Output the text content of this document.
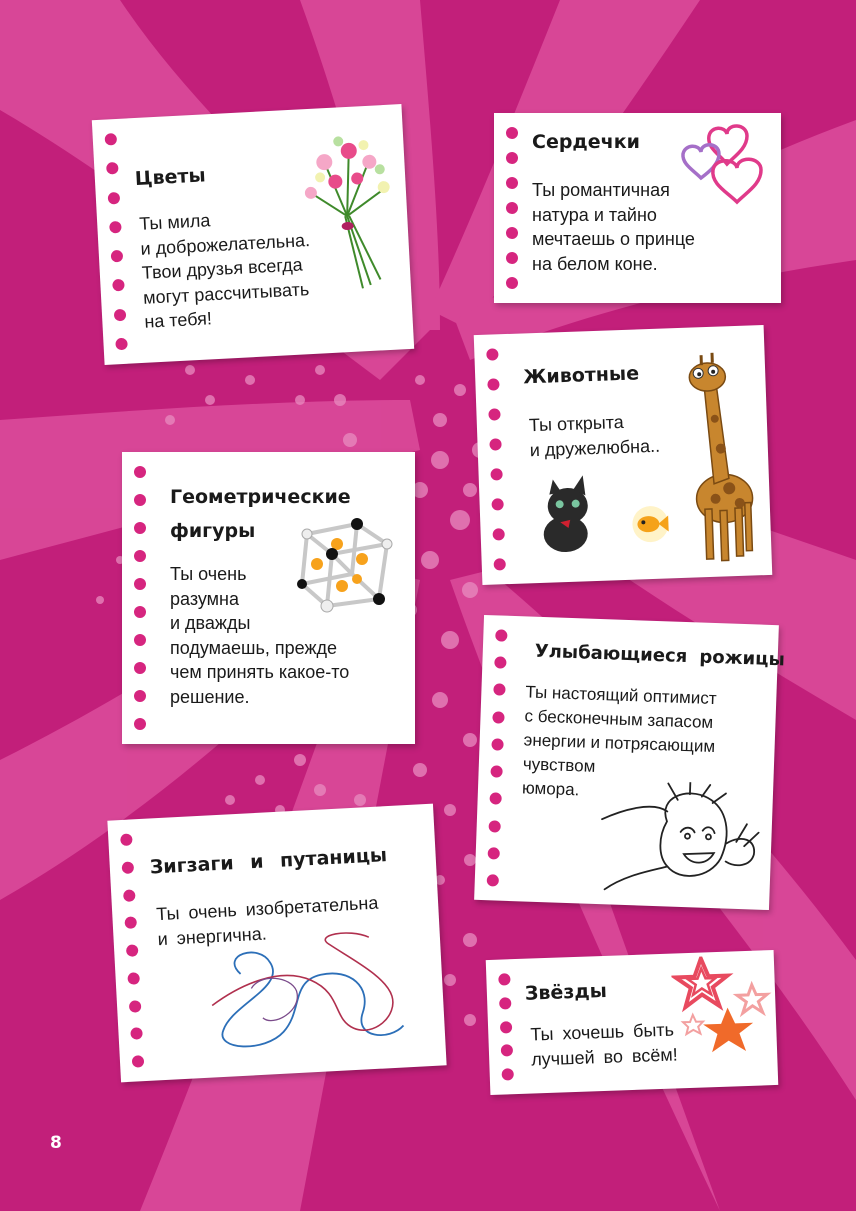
Цветы
Ты мила
и доброжелательна.
Твои друзья всегда
могут рассчитывать
на тебя!
Сердечки
Ты романтичная
натура и тайно
мечтаешь о принце
на белом коне.
Животные
Ты открыта
и дружелюбна..
Геометрические
фигуры
Ты очень
разумна
и дважды
подумаешь, прежде
чем принять какое-то
решение.
Улыбающиеся рожицы
Ты настоящий оптимист
с бесконечным запасом
энергии и потрясающим
чувством
юмора.
Зигзаги и путаницы
Ты очень изобретательна
и энергична.
Звёзды
Ты хочешь быть
лучшей во всём!
8
